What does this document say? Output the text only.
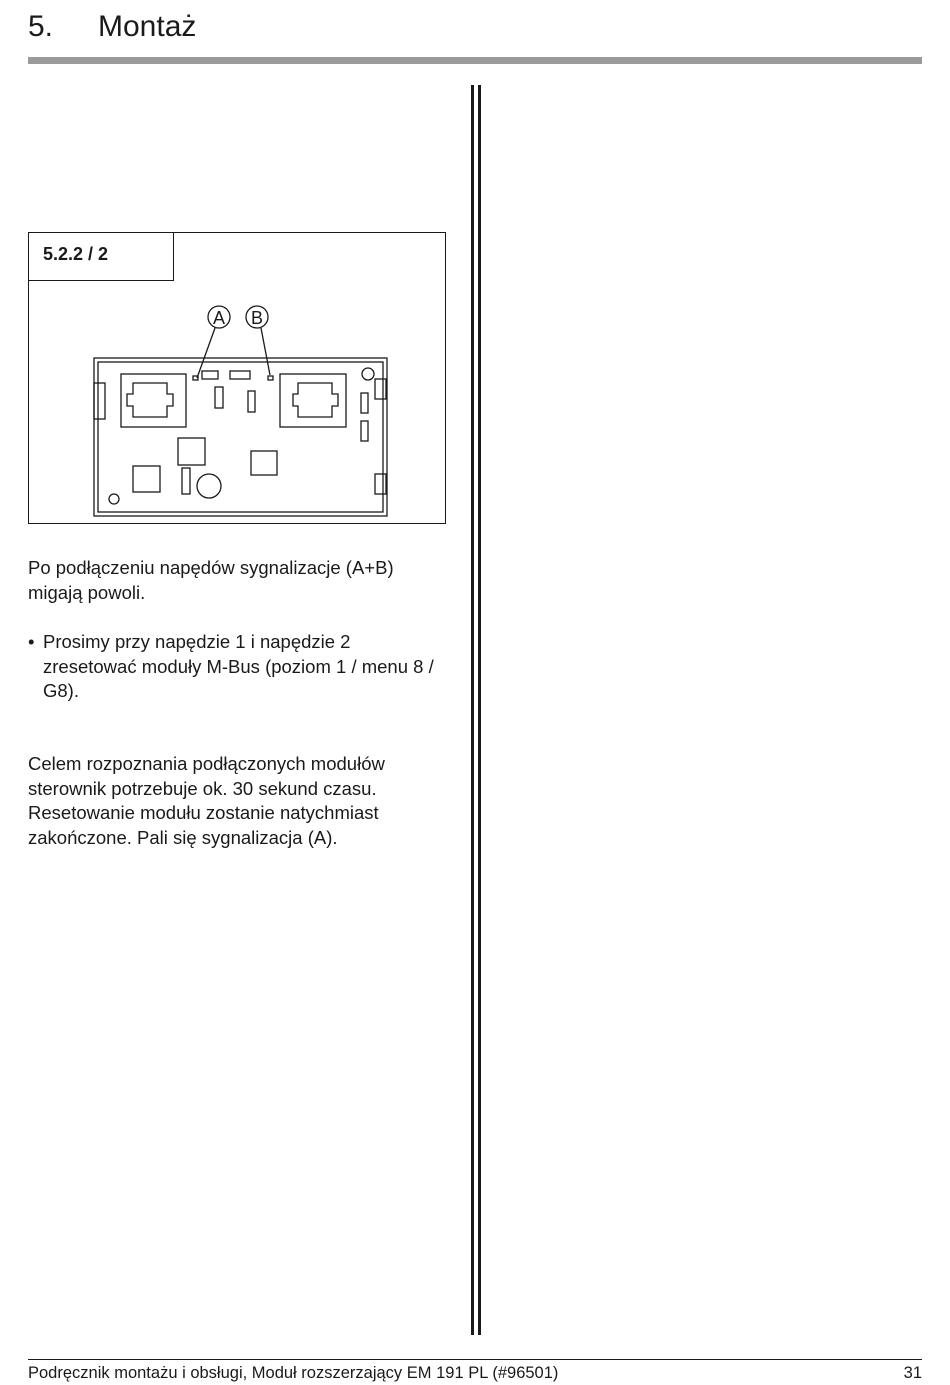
5. Montaż
5.2.2 / 2
A B

Po podłączeniu napędów sygnalizacje (A+B) migają powoli.

• Prosimy przy napędzie 1 i napędzie 2 zresetować moduły M-Bus (poziom 1 / menu 8 / G8).

Celem rozpoznania podłączonych modułów sterownik potrzebuje ok. 30 sekund czasu. Resetowanie modułu zostanie natychmiast zakończone. Pali się sygnalizacja (A).

Podręcznik montażu i obsługi, Moduł rozszerzający EM 191 PL (#96501)	31
